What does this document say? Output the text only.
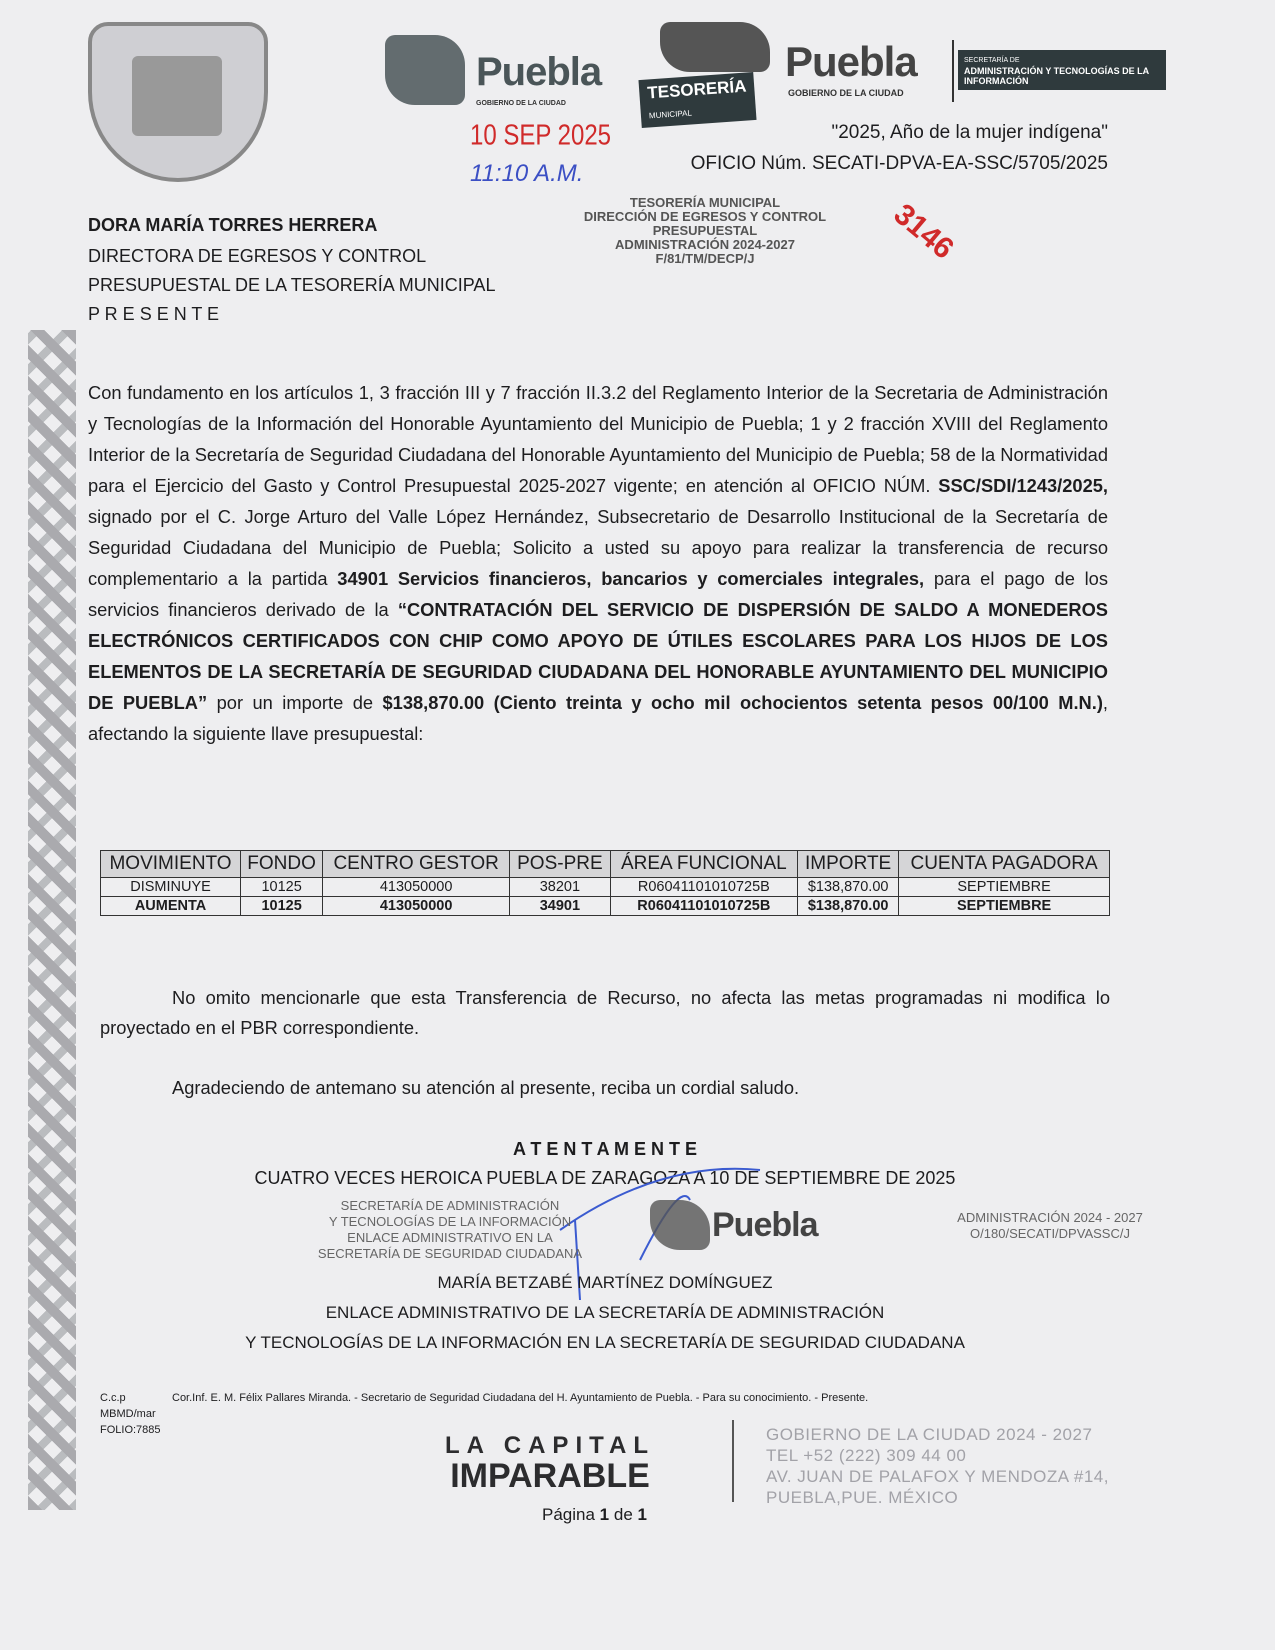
Puebla
GOBIERNO DE LA CIUDAD
TESORERÍA
MUNICIPAL
Puebla
GOBIERNO DE LA CIUDAD
SECRETARÍA DE
ADMINISTRACIÓN Y TECNOLOGÍAS DE LA INFORMACIÓN
"2025, Año de la mujer indígena"
OFICIO Núm. SECATI-DPVA-EA-SSC/5705/2025
10 SEP 2025
11:10 A.M.
TESORERÍA MUNICIPAL
DIRECCIÓN DE EGRESOS Y CONTROL
PRESUPUESTAL
ADMINISTRACIÓN 2024-2027
F/81/TM/DECP/J	3146
DORA MARÍA TORRES HERRERA
DIRECTORA DE EGRESOS Y CONTROL
PRESUPUESTAL DE LA TESORERÍA MUNICIPAL
P R E S E N T E
Con fundamento en los artículos 1, 3 fracción III y 7 fracción II.3.2 del Reglamento Interior de la Secretaria de Administración y Tecnologías de la Información del Honorable Ayuntamiento del Municipio de Puebla; 1 y 2 fracción XVIII del Reglamento Interior de la Secretaría de Seguridad Ciudadana del Honorable Ayuntamiento del Municipio de Puebla; 58 de la Normatividad para el Ejercicio del Gasto y Control Presupuestal 2025-2027 vigente; en atención al OFICIO NÚM. SSC/SDI/1243/2025, signado por el C. Jorge Arturo del Valle López Hernández, Subsecretario de Desarrollo Institucional de la Secretaría de Seguridad Ciudadana del Municipio de Puebla; Solicito a usted su apoyo para realizar la transferencia de recurso complementario a la partida 34901 Servicios financieros, bancarios y comerciales integrales, para el pago de los servicios financieros derivado de la “CONTRATACIÓN DEL SERVICIO DE DISPERSIÓN DE SALDO A MONEDEROS ELECTRÓNICOS CERTIFICADOS CON CHIP COMO APOYO DE ÚTILES ESCOLARES PARA LOS HIJOS DE LOS ELEMENTOS DE LA SECRETARÍA DE SEGURIDAD CIUDADANA DEL HONORABLE AYUNTAMIENTO DEL MUNICIPIO DE PUEBLA” por un importe de $138,870.00 (Ciento treinta y ocho mil ochocientos setenta pesos 00/100 M.N.), afectando la siguiente llave presupuestal:
MOVIMIENTO	FONDO	CENTRO GESTOR	POS-PRE	ÁREA FUNCIONAL	IMPORTE	CUENTA PAGADORA
DISMINUYE	10125	413050000	38201	R06041101010725B	$138,870.00	SEPTIEMBRE
AUMENTA	10125	413050000	34901	R06041101010725B	$138,870.00	SEPTIEMBRE
No omito mencionarle que esta Transferencia de Recurso, no afecta las metas programadas ni modifica lo proyectado en el PBR correspondiente.
Agradeciendo de antemano su atención al presente, reciba un cordial saludo.
A T E N T A M E N T E
CUATRO VECES HEROICA PUEBLA DE ZARAGOZA A 10 DE SEPTIEMBRE DE 2025
Puebla
SECRETARÍA DE ADMINISTRACIÓN
Y TECNOLOGÍAS DE LA INFORMACIÓN
ENLACE ADMINISTRATIVO EN LA
SECRETARÍA DE SEGURIDAD CIUDADANA
ADMINISTRACIÓN 2024 - 2027
O/180/SECATI/DPVASSC/J
MARÍA BETZABÉ MARTÍNEZ DOMÍNGUEZ
ENLACE ADMINISTRATIVO DE LA SECRETARÍA DE ADMINISTRACIÓN
Y TECNOLOGÍAS DE LA INFORMACIÓN EN LA SECRETARÍA DE SEGURIDAD CIUDADANA
C.c.p	Cor.Inf. E. M. Félix Pallares Miranda. - Secretario de Seguridad Ciudadana del H. Ayuntamiento de Puebla. - Para su conocimiento. - Presente.
MBMD/mar
FOLIO:7885
LA CAPITAL
IMPARABLE
GOBIERNO DE LA CIUDAD 2024 - 2027
TEL +52 (222) 309 44 00
AV. JUAN DE PALAFOX Y MENDOZA #14,
PUEBLA,PUE. MÉXICO
Página 1 de 1
